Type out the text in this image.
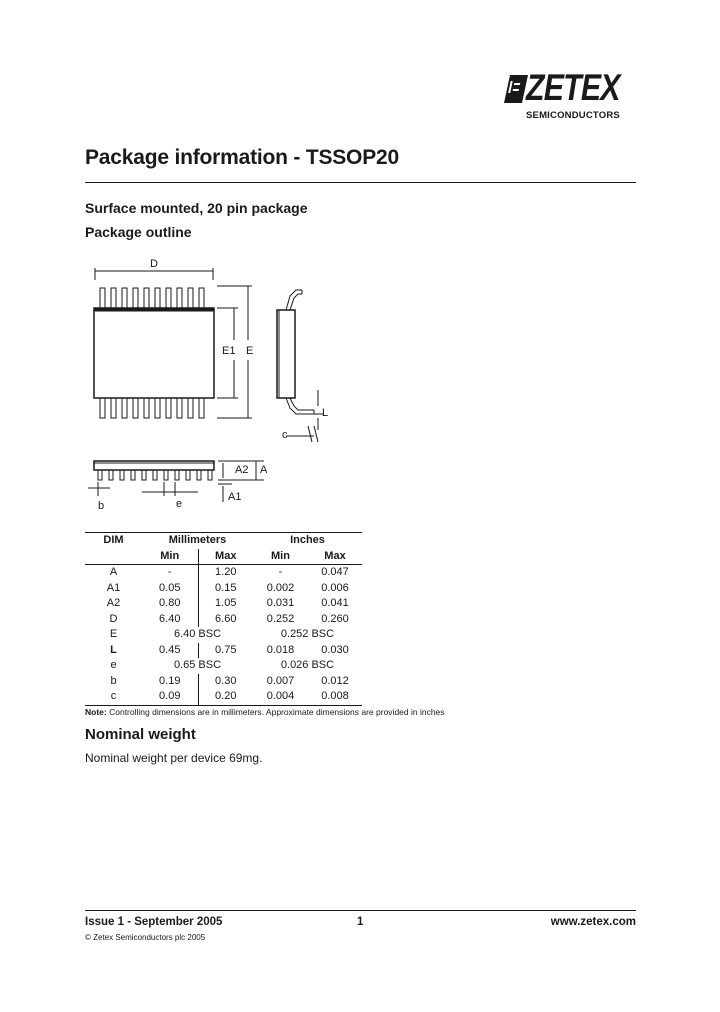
ZETEX
SEMICONDUCTORS
Package information - TSSOP20
Surface mounted, 20 pin package
Package outline
D
E1 E
L
c
A2 A
A1
b	e
DIM	Millimeters		Inches	
	Min	Max	Min	Max
A	-	1.20	-	0.047
A1	0.05	0.15	0.002	0.006
A2	0.80	1.05	0.031	0.041
D	6.40	6.60	0.252	0.260
E	6.40 BSC		0.252 BSC	
L	0.45	0.75	0.018	0.030
e	0.65 BSC		0.026 BSC	
b	0.19	0.30	0.007	0.012
c	0.09	0.20	0.004	0.008
Note: Controlling dimensions are in millimeters. Approximate dimensions are provided in inches
Nominal weight
Nominal weight per device 69mg.
Issue 1 - September 2005	1	www.zetex.com
© Zetex Semiconductors plc 2005
